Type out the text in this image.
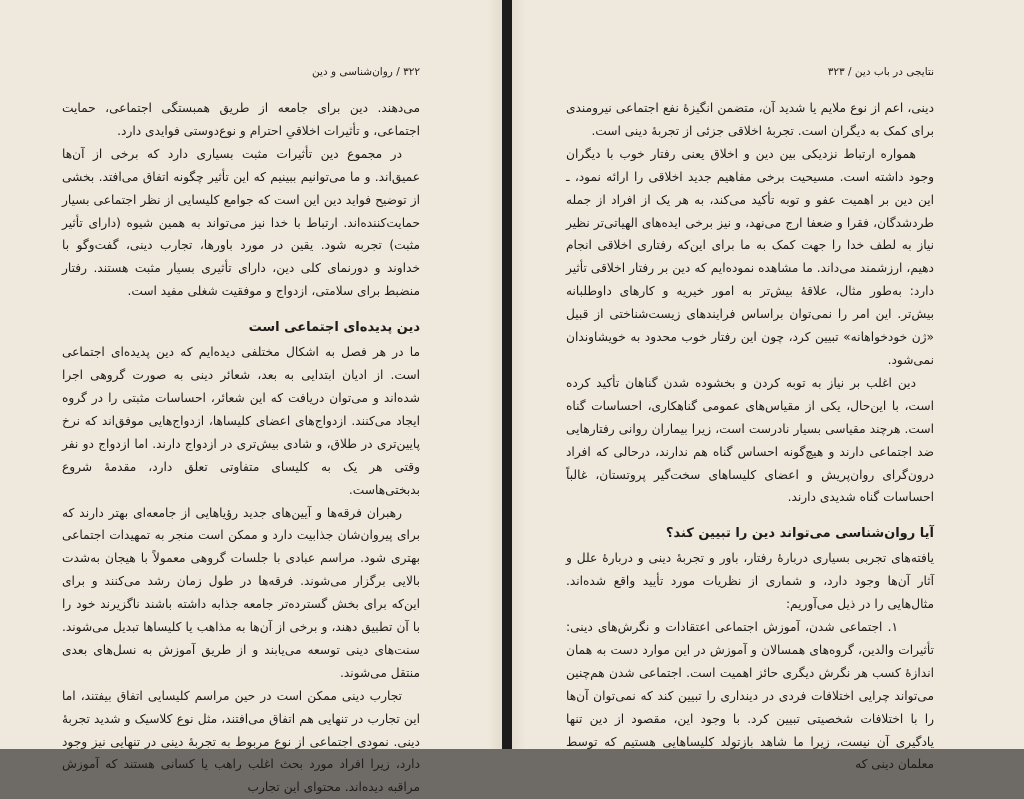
۳۲۲ / روان‌شناسی و دین

می‌دهند. دین برای جامعه از طریق همبستگی اجتماعی، حمایت اجتماعی، و تأثیرات اخلاقیِ احترام و نوع‌دوستی فوایدی دارد.

در مجموع دین تأثیرات مثبت بسیاری دارد که برخی از آن‌ها عمیق‌اند. و ما می‌توانیم ببینیم که این تأثیر چگونه اتفاق می‌افتد. بخشی از توضیح فواید دین این است که جوامع کلیسایی از نظر اجتماعی بسیار حمایت‌کننده‌اند. ارتباط با خدا نیز می‌تواند به همین شیوه (دارای تأثیر مثبت) تجربه شود. یقین در مورد باورها، تجارب دینی، گفت‌وگو با خداوند و دورنمای کلی دین، دارای تأثیری بسیار مثبت هستند. رفتار منضبط برای سلامتی، ازدواج و موفقیت شغلی مفید است.

دین پدیده‌ای اجتماعی است

ما در هر فصل به اشکال مختلفی دیده‌ایم که دین پدیده‌ای اجتماعی است. از ادیان ابتدایی به بعد، شعائر دینی به صورت گروهی اجرا شده‌اند و می‌توان دریافت که این شعائر، احساسات مثبتی را در گروه ایجاد می‌کنند. ازدواج‌های اعضای کلیساها، ازدواج‌هایی موفق‌اند که نرخ پایین‌تری در طلاق، و شادی بیش‌تری در ازدواج دارند. اما ازدواج دو نفر وقتی هر یک به کلیسای متفاوتی تعلق دارد، مقدمهٔ شروع بدبختی‌هاست.

رهبران فرقه‌ها و آیین‌های جدید رؤیاهایی از جامعه‌ای بهتر دارند که برای پیروان‌شان جذابیت دارد و ممکن است منجر به تمهیدات اجتماعی بهتری شود. مراسم عبادی با جلسات گروهی معمولاً با هیجان به‌شدت بالایی برگزار می‌شوند. فرقه‌ها در طول زمان رشد می‌کنند و برای این‌که برای بخش گسترده‌تر جامعه جذابه داشته باشند ناگزیرند خود را با آن تطبیق دهند، و برخی از آن‌ها به مذاهب یا کلیساها تبدیل می‌شوند. سنت‌های دینی توسعه می‌یابند و از طریق آموزش به نسل‌های بعدی منتقل می‌شوند.

تجارب دینی ممکن است در حین مراسم کلیسایی اتفاق بیفتند، اما این تجارب در تنهایی هم اتفاق می‌افتند، مثل نوع کلاسیک و شدید تجربهٔ دینی. نمودی اجتماعی از نوع مربوط به تجربهٔ دینی در تنهایی نیز وجود دارد، زیرا افراد مورد بحث اغلب راهب یا کسانی هستند که آموزش مراقبه دیده‌اند. محتوای این تجارب

نتایجی در باب دین / ۳۲۳

دینی، اعم از نوع ملایم یا شدید آن، متضمن انگیزهٔ نفع اجتماعی نیرومندی برای کمک به دیگران است. تجربهٔ اخلاقی جزئی از تجربهٔ دینی است.

همواره ارتباط نزدیکی بین دین و اخلاق یعنی رفتار خوب با دیگران وجود داشته است. مسیحیت برخی مفاهیم جدید اخلاقی را ارائه نمود، ـ این دین بر اهمیت عفو و توبه تأکید می‌کند، به هر یک از افراد از جمله طردشدگان، فقرا و ضعفا ارج می‌نهد، و نیز برخی ایده‌های الهیاتی‌تر نظیر نیاز به لطف خدا را جهت کمک به ما برای این‌که رفتاری اخلاقی انجام دهیم، ارزشمند می‌داند. ما مشاهده نموده‌ایم که دین بر رفتار اخلاقی تأثیر دارد: به‌طور مثال، علاقهٔ بیش‌تر به امور خیریه و کارهای داوطلبانه بیش‌تر. این امر را نمی‌توان براساس فرایندهای زیست‌شناختی از قبیل «ژن خودخواهانه» تبیین کرد، چون این رفتار خوب محدود به خویشاوندان نمی‌شود.

دین اغلب بر نیاز به توبه کردن و بخشوده شدن گناهان تأکید کرده است، با این‌حال، یکی از مقیاس‌های عمومی گناهکاری، احساسات گناه است. هرچند مقیاسی بسیار نادرست است، زیرا بیماران روانی رفتارهایی ضد اجتماعی دارند و هیچ‌گونه احساس گناه هم ندارند، درحالی که افراد درون‌گرای روان‌پریش و اعضای کلیساهای سخت‌گیر پروتستان، غالباً احساسات گناه شدیدی دارند.

آیا روان‌شناسی می‌تواند دین را تبیین کند؟

یافته‌های تجربی بسیاری دربارهٔ رفتار، باور و تجربهٔ دینی و دربارهٔ علل و آثار آن‌ها وجود دارد، و شماری از نظریات مورد تأیید واقع شده‌اند. مثال‌هایی را در ذیل می‌آوریم:

۱. اجتماعی شدن، آموزش اجتماعی اعتقادات و نگرش‌های دینی: تأثیرات والدین، گروه‌های همسالان و آموزش در این موارد دست به همان اندازهٔ کسب هر نگرش دیگری حائز اهمیت است. اجتماعی شدن هم‌چنین می‌تواند چرایی اختلافات فردی در دینداری را تبیین کند که نمی‌توان آن‌ها را با اختلافات شخصیتی تبیین کرد. با وجود این، مقصود از دین تنها یادگیری آن نیست، زیرا ما شاهد بازتولد کلیساهایی هستیم که توسط معلمان دینی که
